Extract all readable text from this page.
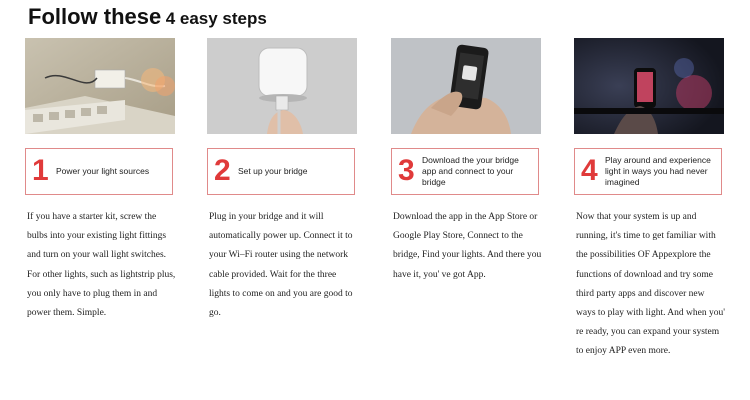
Follow these 4 easy steps
1 Power your light sources
If you have a starter kit, screw the bulbs into your existing light fittings and turn on your wall light switches. For other lights, such as lightstrip plus, you only have to plug them in and power them. Simple.
2 Set up your bridge
Plug in your bridge and it will automatically power up. Connect it to your Wi–Fi router using the network cable provided. Wait for the three lights to come on and you are good to go.
3 Download the your bridge app and connect to your bridge
Download the app in the App Store or Google Play Store, Connect to the bridge, Find your lights. And there you have it, you' ve got App.
4 Play around and experience light in ways you had never imagined
Now that your system is up and running, it's time to get familiar with the possibilities OF Appexplore the functions of download and try some third party apps and discover new ways to play with light. And when you' re ready, you can expand your system to enjoy APP even more.
